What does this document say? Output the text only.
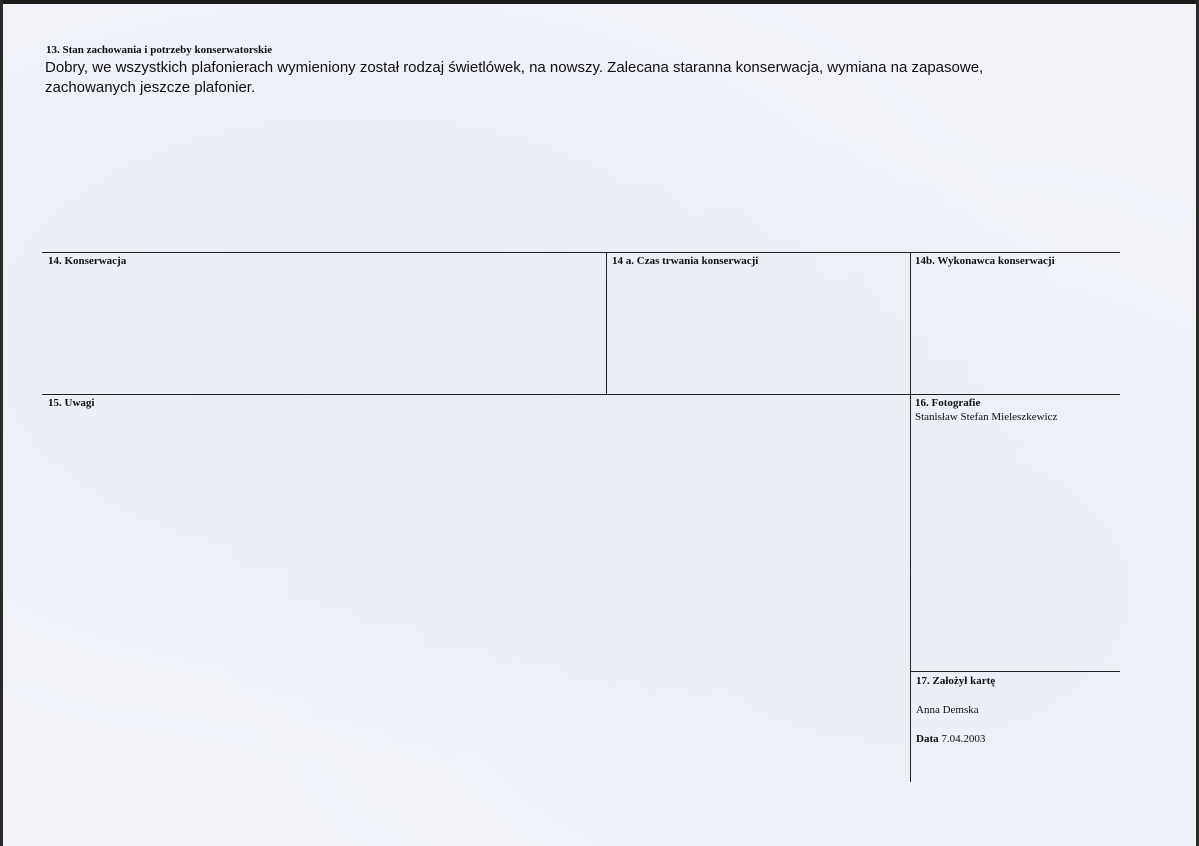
13. Stan zachowania i potrzeby konserwatorskie
Dobry, we wszystkich plafonierach wymieniony został rodzaj świetlówek, na nowszy. Zalecana staranna konserwacja, wymiana na zapasowe, zachowanych jeszcze plafonier.
14. Konserwacja	14 a. Czas trwania konserwacji	14b. Wykonawca konserwacji
15. Uwagi	16. Fotografie
Stanisław Stefan Mieleszkewicz
17. Założył kartę
Anna Demska
Data 7.04.2003
